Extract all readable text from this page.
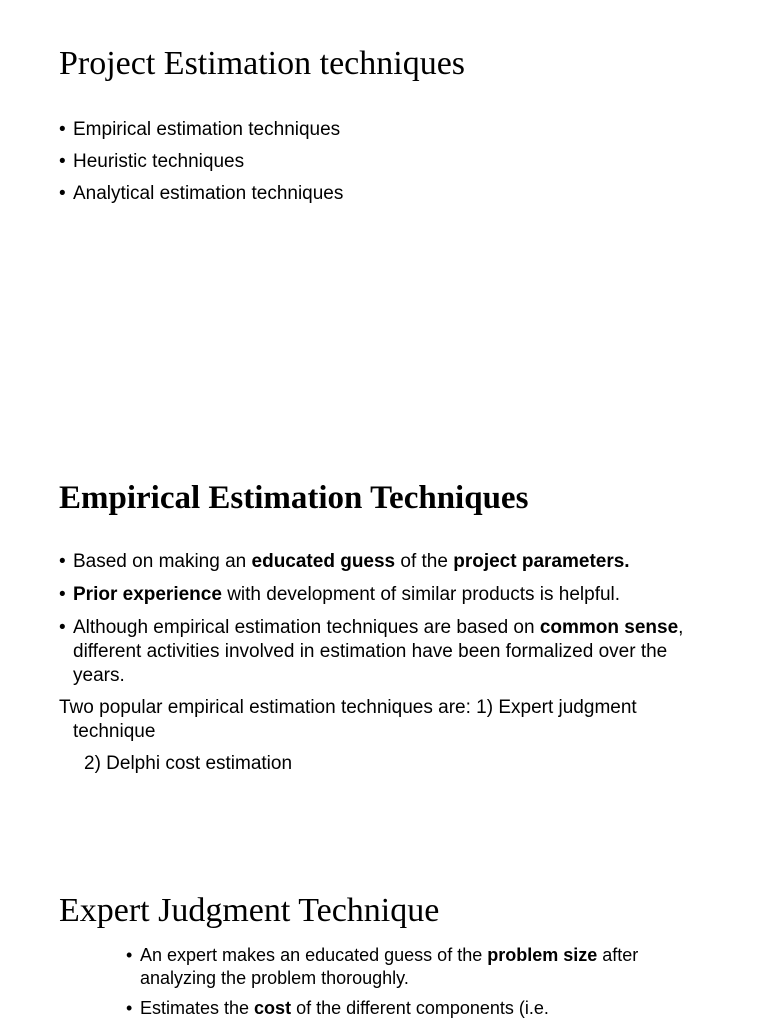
Project Estimation techniques
• Empirical estimation techniques
• Heuristic techniques
• Analytical estimation techniques
Empirical Estimation Techniques
• Based on making an educated guess of the project parameters.
• Prior experience with development of similar products is helpful.
• Although empirical estimation techniques are based on common sense, different activities involved in estimation have been formalized over the years.

Two popular empirical estimation techniques are: 1) Expert judgment
technique

2) Delphi cost estimation

Expert Judgment Technique
• An expert makes an educated guess of the problem size after analyzing the problem thoroughly.
• Estimates the cost of the different components (i.e.
